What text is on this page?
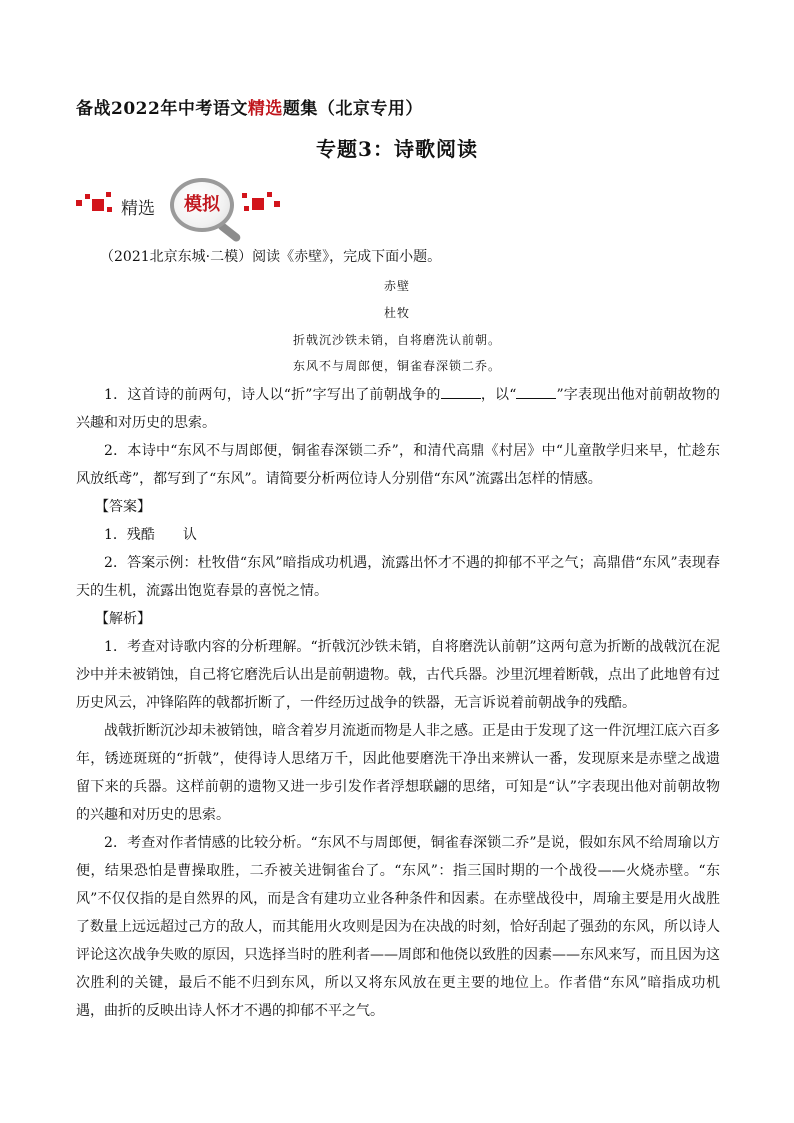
备战2022年中考语文精选题集（北京专用）
专题3：诗歌阅读
精选	模拟
（2021北京东城·二模）阅读《赤壁》，完成下面小题。
赤壁
杜牧
折戟沉沙铁未销，自将磨洗认前朝。
东风不与周郎便，铜雀春深锁二乔。

1．这首诗的前两句，诗人以“折”字写出了前朝战争的	，以“	”字表现出他对前朝故物的兴趣和对历史的思索。

2．本诗中“东风不与周郎便，铜雀春深锁二乔”，和清代高鼎《村居》中“儿童散学归来早，忙趁东风放纸鸢”，都写到了“东风”。请简要分析两位诗人分别借“东风”流露出怎样的情感。

【答案】

1．残酷　　认

2．答案示例：杜牧借“东风”暗指成功机遇，流露出怀才不遇的抑郁不平之气；高鼎借“东风”表现春天的生机，流露出饱览春景的喜悦之情。

【解析】

1．考查对诗歌内容的分析理解。“折戟沉沙铁未销，自将磨洗认前朝”这两句意为折断的战戟沉在泥沙中并未被销蚀，自己将它磨洗后认出是前朝遗物。戟，古代兵器。沙里沉埋着断戟，点出了此地曾有过历史风云，冲锋陷阵的戟都折断了，一件经历过战争的铁器，无言诉说着前朝战争的残酷。

战戟折断沉沙却未被销蚀，暗含着岁月流逝而物是人非之感。正是由于发现了这一件沉埋江底六百多年，锈迹斑斑的“折戟”，使得诗人思绪万千，因此他要磨洗干净出来辨认一番，发现原来是赤壁之战遗留下来的兵器。这样前朝的遗物又进一步引发作者浮想联翩的思绪，可知是“认”字表现出他对前朝故物的兴趣和对历史的思索。

2．考查对作者情感的比较分析。“东风不与周郎便，铜雀春深锁二乔”是说，假如东风不给周瑜以方便，结果恐怕是曹操取胜，二乔被关进铜雀台了。“东风”：指三国时期的一个战役——火烧赤壁。“东风”不仅仅指的是自然界的风，而是含有建功立业各种条件和因素。在赤壁战役中，周瑜主要是用火战胜了数量上远远超过己方的敌人，而其能用火攻则是因为在决战的时刻，恰好刮起了强劲的东风，所以诗人评论这次战争失败的原因，只选择当时的胜利者——周郎和他侥以致胜的因素——东风来写，而且因为这次胜利的关键，最后不能不归到东风，所以又将东风放在更主要的地位上。作者借“东风”暗指成功机遇，曲折的反映出诗人怀才不遇的抑郁不平之气。
